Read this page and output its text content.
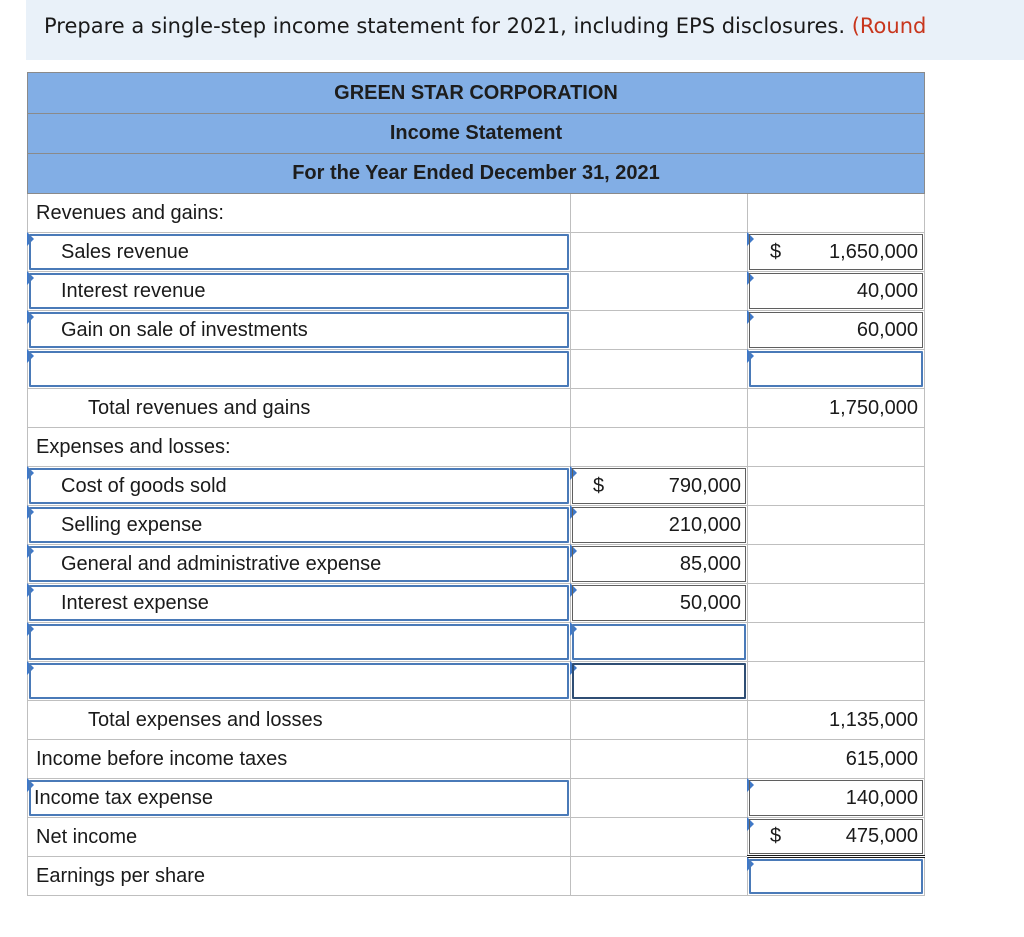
Prepare a single-step income statement for 2021, including EPS disclosures. (Round
GREEN STAR CORPORATION		
Income Statement		
For the Year Ended December 31, 2021		

Revenues and gains:		

Sales revenue		$ 1,650,000

Interest revenue		40,000

Gain on sale of investments		60,000

Total revenues and gains		1,750,000

Expenses and losses:		

Cost of goods sold	$ 790,000	

Selling expense	210,000	

General and administrative expense	85,000	

Interest expense	50,000	

Total expenses and losses		1,135,000

Income before income taxes		615,000

Income tax expense		140,000

Net income		$ 475,000

Earnings per share		
